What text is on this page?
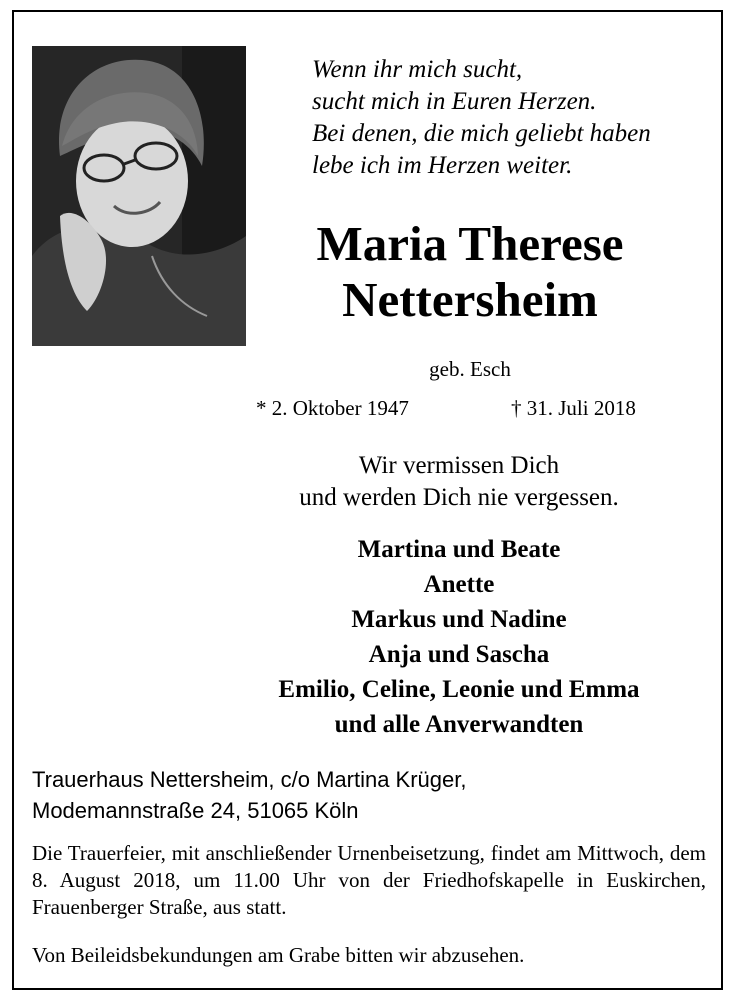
Wenn ihr mich sucht,
sucht mich in Euren Herzen.
Bei denen, die mich geliebt haben
lebe ich im Herzen weiter.
Maria Therese
Nettersheim
geb. Esch
* 2. Oktober 1947	† 31. Juli 2018
Wir vermissen Dich
und werden Dich nie vergessen.
Martina und Beate
Anette
Markus und Nadine
Anja und Sascha
Emilio, Celine, Leonie und Emma
und alle Anverwandten
Trauerhaus Nettersheim, c/o Martina Krüger,
Modemannstraße 24, 51065 Köln
Die Trauerfeier, mit anschließender Urnenbeisetzung, findet am Mittwoch, dem 8. August 2018, um 11.00 Uhr von der Friedhofskapelle in Euskirchen, Frauenberger Straße, aus statt.
Von Beileidsbekundungen am Grabe bitten wir abzusehen.
